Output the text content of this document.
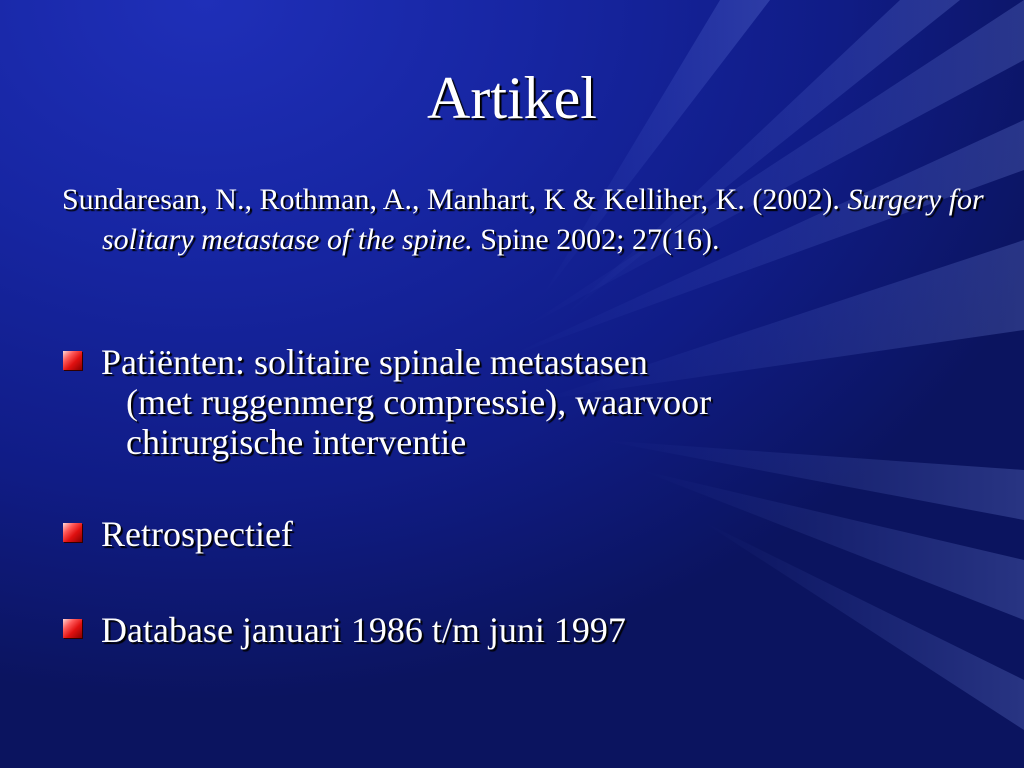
Artikel

Sundaresan, N., Rothman, A., Manhart, K & Kelliher, K. (2002). Surgery for solitary metastase of the spine. Spine 2002; 27(16).

Patiënten: solitaire spinale metastasen
(met ruggenmerg compressie), waarvoor
chirurgische interventie
Retrospectief
Database januari 1986 t/m juni 1997
